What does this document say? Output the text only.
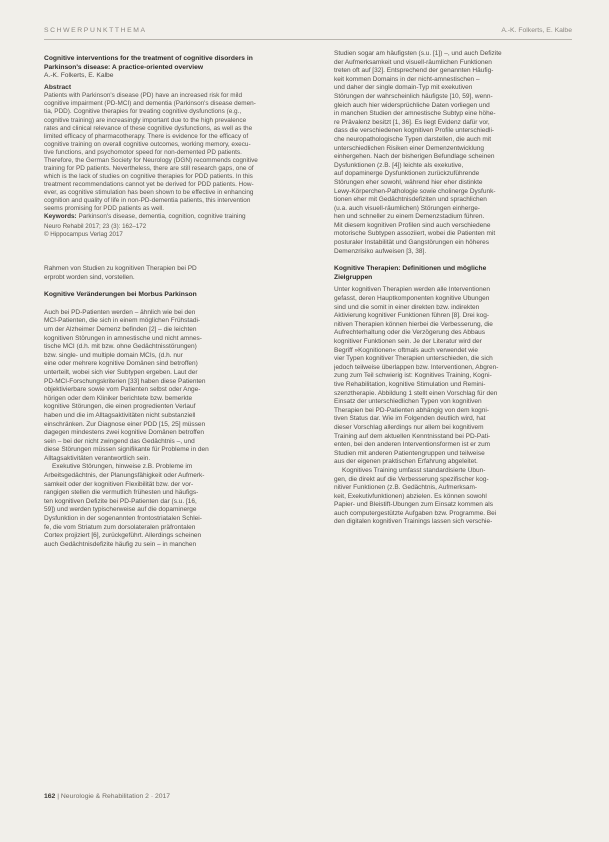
SCHWERPUNKTTHEMA	A.-K. Folkerts, E. Kalbe
Cognitive interventions for the treatment of cognitive disorders in
Parkinson's disease: A practice-oriented overview
A.-K. Folkerts, E. Kalbe
Abstract
Patients with Parkinson's disease (PD) have an increased risk for mild
cognitive impairment (PD-MCI) and dementia (Parkinson's disease demen-
tia, PDD). Cognitive therapies for treating cognitive dysfunctions (e.g.,
cognitive training) are increasingly important due to the high prevalence
rates and clinical relevance of these cognitive dysfunctions, as well as the
limited efficacy of pharmacotherapy. There is evidence for the efficacy of
cognitive training on overall cognitive outcomes, working memory, execu-
tive functions, and psychomotor speed for non-demented PD patients.
Therefore, the German Society for Neurology (DGN) recommends cognitive
training for PD patients. Nevertheless, there are still research gaps, one of
which is the lack of studies on cognitive therapies for PDD patients. In this
treatment recommendations cannot yet be derived for PDD patients. How-
ever, as cognitive stimulation has been shown to be effective in enhancing
cognition and quality of life in non-PD-dementia patients, this intervention
seems promising for PDD patients as well.
Keywords: Parkinson's disease, dementia, cognition, cognitive training
Neuro Rehabil 2017; 23 (3): 162–172
© Hippocampus Verlag 2017
Rahmen von Studien zu kognitiven Therapien bei PD
erprobt worden sind, vorstellen.
Kognitive Veränderungen bei Morbus Parkinson
Auch bei PD-Patienten werden – ähnlich wie bei den
MCI-Patienten, die sich in einem möglichen Frühstadi-
um der Alzheimer Demenz befinden [2] – die leichten
kognitiven Störungen in amnestische und nicht amnes-
tische MCI (d.h. mit bzw. ohne Gedächtnisstörungen)
bzw. single- und multiple domain MCIs, (d.h. nur
eine oder mehrere kognitive Domänen sind betroffen)
unterteilt, wobei sich vier Subtypen ergeben. Laut der
PD-MCI-Forschungskriterien [33] haben diese Patienten
objektivierbare sowie vom Patienten selbst oder Ange-
hörigen oder dem Kliniker berichtete bzw. bemerkte
kognitive Störungen, die einen progredienten Verlauf
haben und die im Alltagsaktivitäten nicht substanziell
einschränken. Zur Diagnose einer PDD [15, 25] müssen
dagegen mindestens zwei kognitive Domänen betroffen
sein – bei der nicht zwingend das Gedächtnis –, und
diese Störungen müssen signifikante für Probleme in den
Alltagsaktivitäten verantwortlich sein.
Exekutive Störungen, hinweise z.B. Probleme im
Arbeitsgedächtnis, der Planungsfähigkeit oder Aufmerk-
samkeit oder der kognitiven Flexibilität bzw. der vor-
rangigen stellen die vermutlich frühesten und häufigs-
ten kognitiven Defizite bei PD-Patienten dar (s.u. [16,
59]) und werden typischerweise auf die dopaminerge
Dysfunktion in der sogenannten frontostriatalen Schlei-
fe, die vom Striatum zum dorsolateralen präfrontalen
Cortex projiziert [6], zurückgeführt. Allerdings scheinen
auch Gedächtnisdefizite häufig zu sein – in manchen
Studien sogar am häufigsten (s.u. [1]) –, und auch Defizite
der Aufmerksamkeit und visuell-räumlichen Funktionen
treten oft auf [32]. Entsprechend der genannten Häufig-
keit kommen Domains in der nicht-amnestischen –
und daher der single domain-Typ mit exekutiven
Störungen der wahrscheinlich häufigste [10, 59], wenn-
gleich auch hier widersprüchliche Daten vorliegen und
in manchen Studien der amnestische Subtyp eine höhe-
re Prävalenz besitzt [1, 36]. Es liegt Evidenz dafür vor,
dass die verschiedenen kognitiven Profile unterschiedli-
che neuropathologische Typen darstellen, die auch mit
unterschiedlichen Risiken einer Demenzentwicklung
einhergehen. Nach der bisherigen Befundlage scheinen
Dysfunktionen (z.B. [4]) leichte als exekutive,
auf dopaminerge Dysfunktionen zurückzuführende
Störungen eher sowohl, während hier eher distinkte
Lewy-Körperchen-Pathologie sowie cholinerge Dysfunk-
tionen eher mit Gedächtnisdefiziten und sprachlichen
(u.a. auch visuell-räumlichen) Störungen einherge-
hen und schneller zu einem Demenzstadium führen.
Mit diesem kognitiven Profilen sind auch verschiedene
motorische Subtypen assoziiert, wobei die Patienten mit
posturaler Instabilität und Gangstörungen ein höheres
Demenzrisiko aufweisen [3, 38].
Kognitive Therapien: Definitionen und mögliche
Zielgruppen
Unter kognitiven Therapien werden alle Interventionen
gefasst, deren Hauptkomponenten kognitive Übungen
sind und die somit in einer direkten bzw. indirekten
Aktivierung kognitiver Funktionen führen [8]. Drei kog-
nitiven Therapien können hierbei die Verbesserung, die
Aufrechterhaltung oder die Verzögerung des Abbaus
kognitiver Funktionen sein. Je der Literatur wird der
Begriff »Kognitionen« oftmals auch verwendet wie
vier Typen kognitiver Therapien unterschieden, die sich
jedoch teilweise überlappen bzw. Interventionen, Abgren-
zung zum Teil schwierig ist: Kognitives Training, Kogni-
tive Rehabilitation, kognitive Stimulation und Remini-
szenztherapie. Abbildung 1 stellt einen Vorschlag für den
Einsatz der unterschiedlichen Typen von kognitiven
Therapien bei PD-Patienten abhängig von dem kogni-
tiven Status dar. Wie im Folgenden deutlich wird, hat
dieser Vorschlag allerdings nur allem bei kognitivem
Training auf dem aktuellen Kenntnisstand bei PD-Pati-
enten, bei den anderen Interventionsformen ist er zum
Studien mit anderen Patientengruppen und teilweise
aus der eigenen praktischen Erfahrung abgeleitet.
Kognitives Training umfasst standardisierte Übun-
gen, die direkt auf die Verbesserung spezifischer kog-
nitiver Funktionen (z.B. Gedächtnis, Aufmerksam-
keit, Exekutivfunktionen) abzielen. Es können sowohl
Papier- und Bleistift-Übungen zum Einsatz kommen als
auch computergestützte Aufgaben bzw. Programme. Bei
den digitalen kognitiven Trainings lassen sich verschie-
162 | Neurologie & Rehabilitation 2 · 2017
